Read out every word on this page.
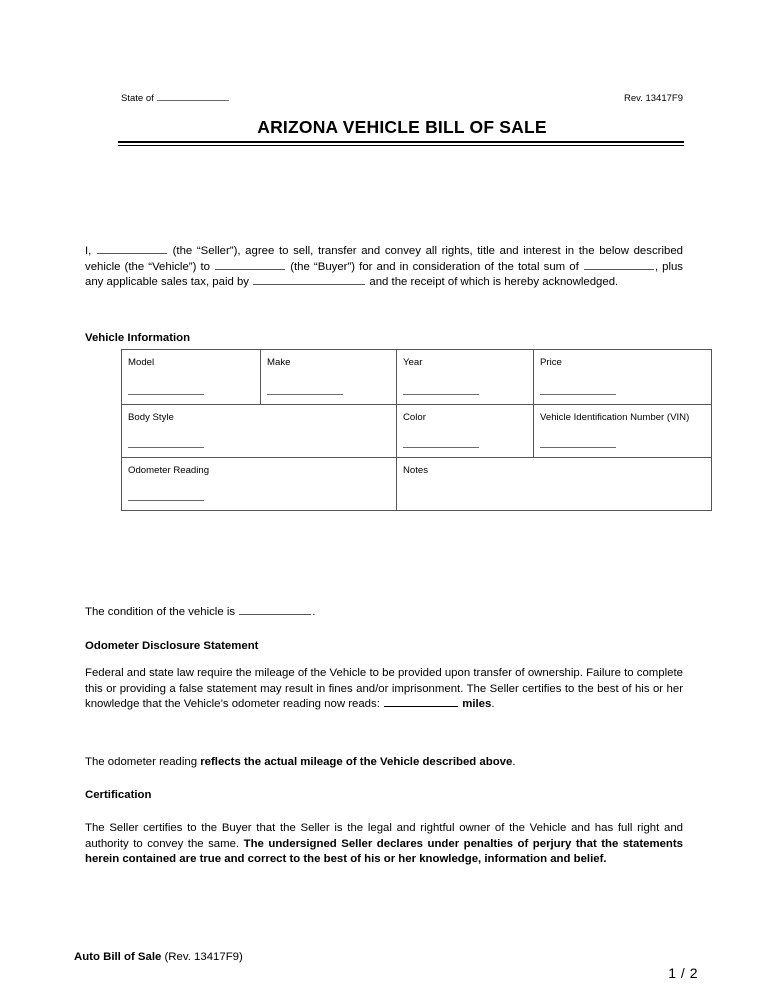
State of	Rev. 13417F9
ARIZONA VEHICLE BILL OF SALE
I,	(the “Seller”), agree to sell, transfer and convey all rights, title and interest in the below described vehicle (the “Vehicle”) to	(the “Buyer”) for and in consideration of the total sum of	, plus any applicable sales tax, paid by	and the receipt of which is hereby acknowledged.
Vehicle Information
Model	Make	Year	Price

Body Style		Color	Vehicle Identification Number (VIN)

Odometer Reading		Notes	
The condition of the vehicle is	.
Odometer Disclosure Statement
Federal and state law require the mileage of the Vehicle to be provided upon transfer of ownership. Failure to complete this or providing a false statement may result in fines and/or imprisonment. The Seller certifies to the best of his or her knowledge that the Vehicle’s odometer reading now reads:	miles.
The odometer reading reflects the actual mileage of the Vehicle described above.
Certification
The Seller certifies to the Buyer that the Seller is the legal and rightful owner of the Vehicle and has full right and authority to convey the same. The undersigned Seller declares under penalties of perjury that the statements herein contained are true and correct to the best of his or her knowledge, information and belief.
Auto Bill of Sale (Rev. 13417F9)
1 / 2
